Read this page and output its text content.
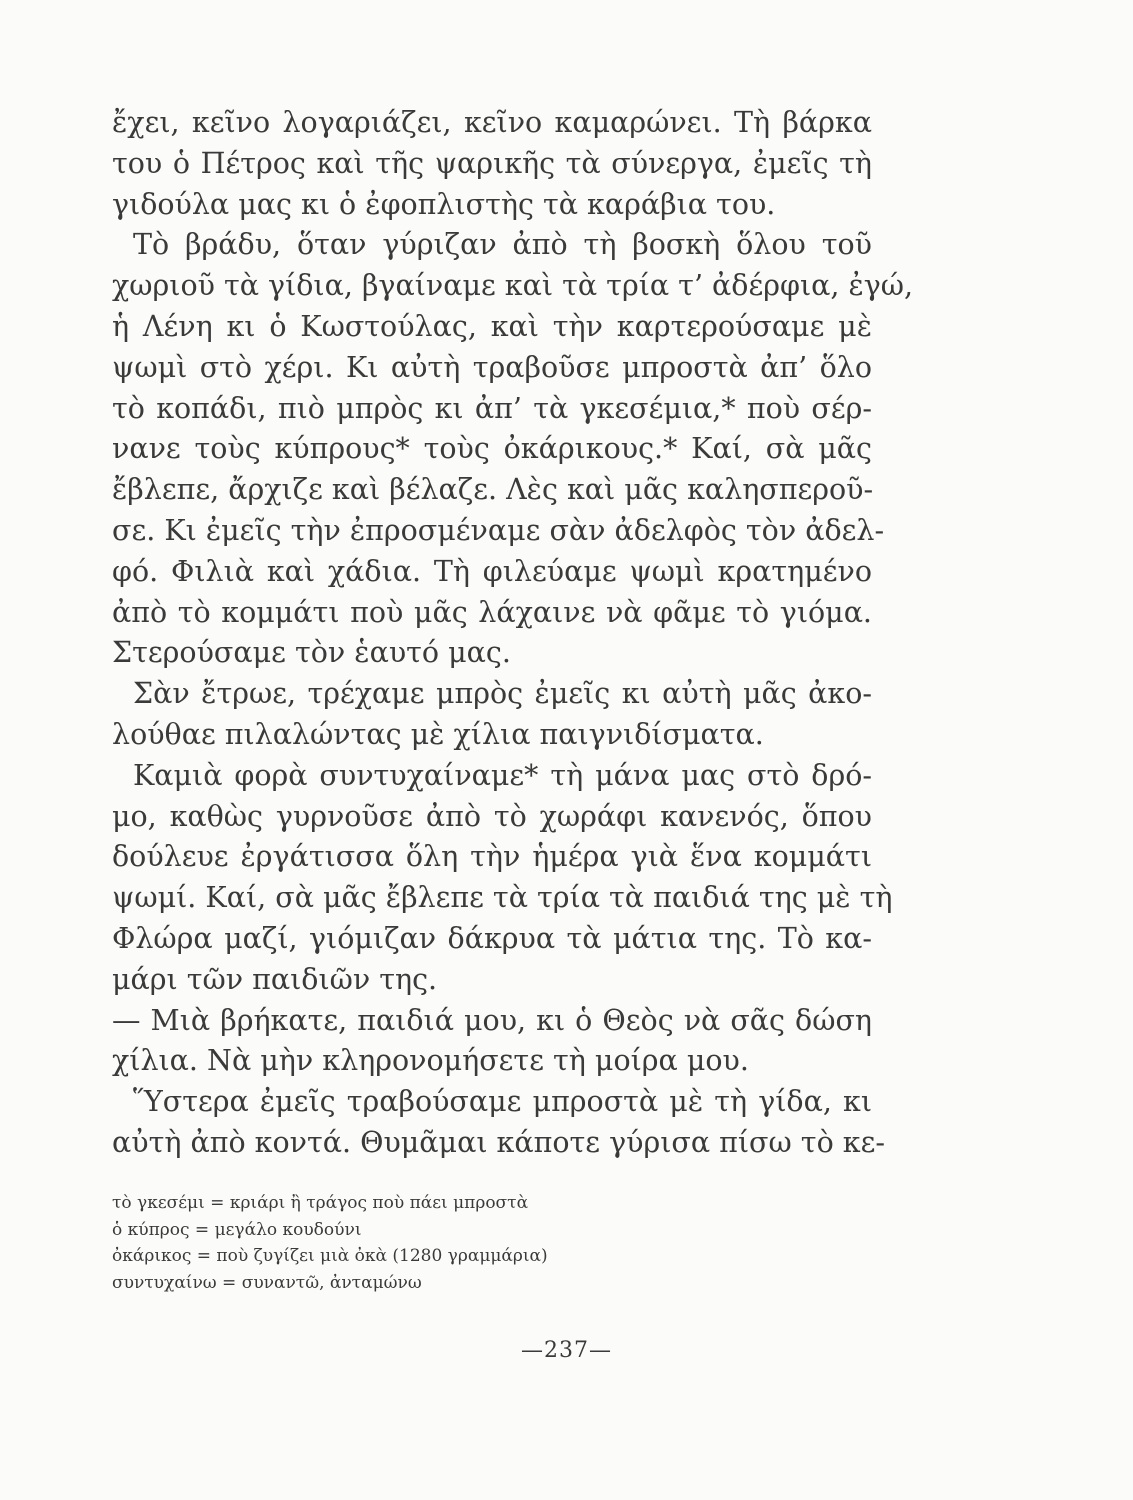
ἔχει, κεῖνο λογαριάζει, κεῖνο καμαρώνει. Τὴ βάρκα
του ὁ Πέτρος καὶ τῆς ψαρικῆς τὰ σύνεργα, ἐμεῖς τὴ
γιδούλα μας κι ὁ ἐφοπλιστὴς τὰ καράβια του.
Τὸ βράδυ, ὅταν γύριζαν ἀπὸ τὴ βοσκὴ ὅλου τοῦ
χωριοῦ τὰ γίδια, βγαίναμε καὶ τὰ τρία τ’ ἀδέρφια, ἐγώ,
ἡ Λένη κι ὁ Κωστούλας, καὶ τὴν καρτερούσαμε μὲ
ψωμὶ στὸ χέρι. Κι αὐτὴ τραβοῦσε μπροστὰ ἀπ’ ὅλο
τὸ κοπάδι, πιὸ μπρὸς κι ἀπ’ τὰ γκεσέμια,* ποὺ σέρ-
νανε τοὺς κύπρους* τοὺς ὀκάρικους.* Καί, σὰ μᾶς
ἔβλεπε, ἄρχιζε καὶ βέλαζε. Λὲς καὶ μᾶς καλησπεροῦ-
σε. Κι ἐμεῖς τὴν ἐπροσμέναμε σὰν ἀδελφὸς τὸν ἀδελ-
φό. Φιλιὰ καὶ χάδια. Τὴ φιλεύαμε ψωμὶ κρατημένο
ἀπὸ τὸ κομμάτι ποὺ μᾶς λάχαινε νὰ φᾶμε τὸ γιόμα.
Στερούσαμε τὸν ἑαυτό μας.
Σὰν ἔτρωε, τρέχαμε μπρὸς ἐμεῖς κι αὐτὴ μᾶς ἀκο-
λούθαε πιλαλώντας μὲ χίλια παιγνιδίσματα.
Καμιὰ φορὰ συντυχαίναμε* τὴ μάνα μας στὸ δρό-
μο, καθὼς γυρνοῦσε ἀπὸ τὸ χωράφι κανενός, ὅπου
δούλευε ἐργάτισσα ὅλη τὴν ἡμέρα γιὰ ἕνα κομμάτι
ψωμί. Καί, σὰ μᾶς ἔβλεπε τὰ τρία τὰ παιδιά της μὲ τὴ
Φλώρα μαζί, γιόμιζαν δάκρυα τὰ μάτια της. Τὸ κα-
μάρι τῶν παιδιῶν της.
— Μιὰ βρήκατε, παιδιά μου, κι ὁ Θεὸς νὰ σᾶς δώση
χίλια. Νὰ μὴν κληρονομήσετε τὴ μοίρα μου.
Ὕστερα ἐμεῖς τραβούσαμε μπροστὰ μὲ τὴ γίδα, κι
αὐτὴ ἀπὸ κοντά. Θυμᾶμαι κάποτε γύρισα πίσω τὸ κε-
τὸ γκεσέμι = κριάρι ἢ τράγος ποὺ πάει μπροστὰ
ὁ κύπρος = μεγάλο κουδούνι
ὀκάρικος = ποὺ ζυγίζει μιὰ ὀκὰ (1280 γραμμάρια)
συντυχαίνω = συναντῶ, ἀνταμώνω
—237—
